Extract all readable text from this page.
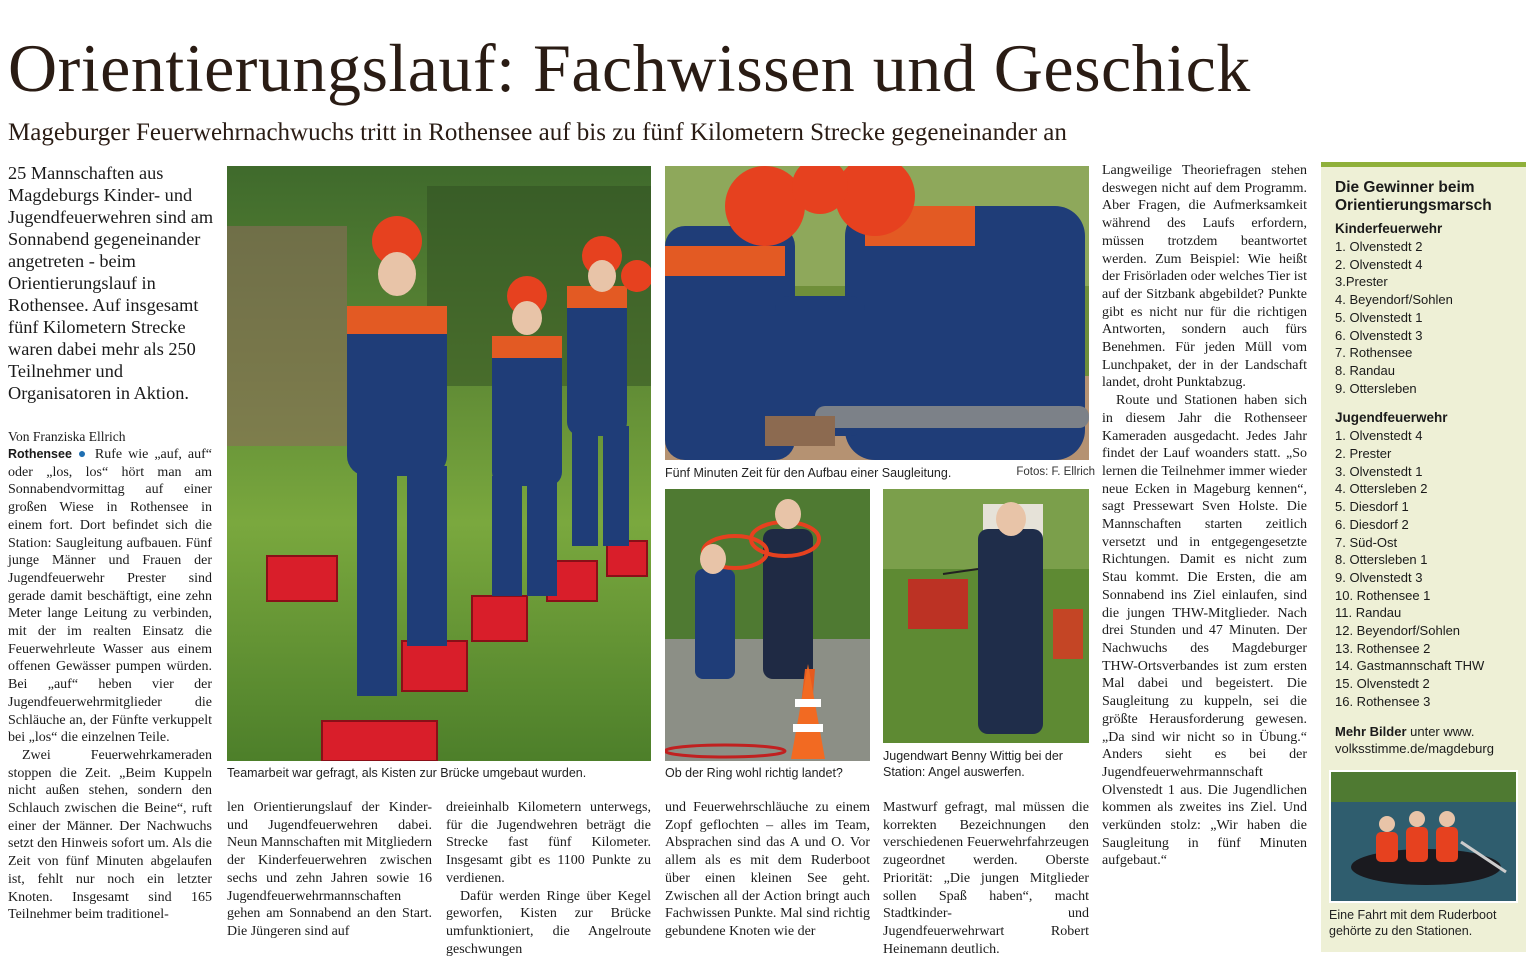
Orientierungslauf: Fachwissen und Geschick
Mageburger Feuerwehrnachwuchs tritt in Rothensee auf bis zu fünf Kilometern Strecke gegeneinander an
25 Mannschaften aus Magdeburgs Kinder- und Jugendfeuerwehren sind am Sonnabend gegeneinander angetreten - beim Orientierungslauf in Rothensee. Auf insgesamt fünf Kilometern Strecke waren dabei mehr als 250 Teilnehmer und Organisatoren in Aktion.
Von Franziska Ellrich

Rothensee ● Rufe wie „auf, auf“ oder „los, los“ hört man am Sonnabendvormittag auf einer großen Wiese in Rothensee in einem fort. Dort befindet sich die Station: Saugleitung aufbauen. Fünf junge Männer und Frauen der Jugendfeuerwehr Prester sind gerade damit beschäftigt, eine zehn Meter lange Leitung zu verbinden, mit der im realten Einsatz die Feuerwehrleute Wasser aus einem offenen Gewässer pumpen würden. Bei „auf“ heben vier der Jugendfeuerwehrmitglieder die Schläuche an, der Fünfte verkuppelt bei „los“ die einzelnen Teile.

Zwei Feuerwehrkameraden stoppen die Zeit. „Beim Kuppeln nicht außen stehen, sondern den Schlauch zwischen die Beine“, ruft einer der Männer. Der Nachwuchs setzt den Hinweis sofort um. Als die Zeit von fünf Minuten abgelaufen ist, fehlt nur noch ein letzter Knoten. Insgesamt sind 165 Teilnehmer beim traditionel-

Teamarbeit war gefragt, als Kisten zur Brücke umgebaut wurden.

len Orientierungslauf der Kinder- und Jugendfeuerwehren dabei. Neun Mannschaften mit Mitgliedern der Kinderfeuerwehren zwischen sechs und zehn Jahren sowie 16 Jugendfeuerwehrmannschaften gehen am Sonnabend an den Start. Die Jüngeren sind auf

dreieinhalb Kilometern unterwegs, für die Jugendwehren beträgt die Strecke fast fünf Kilometer. Insgesamt gibt es 1100 Punkte zu verdienen.

Dafür werden Ringe über Kegel geworfen, Kisten zur Brücke umfunktioniert, die Angelroute geschwungen

Fünf Minuten Zeit für den Aufbau einer Saugleitung.	Fotos: F. Ellrich
Ob der Ring wohl richtig landet?
Jugendwart Benny Wittig bei der Station: Angel auswerfen.

und Feuerwehrschläuche zu einem Zopf geflochten – alles im Team, Absprachen sind das A und O. Vor allem als es mit dem Ruderboot über einen kleinen See geht. Zwischen all der Action bringt auch Fachwissen Punkte. Mal sind richtig gebundene Knoten wie der

Mastwurf gefragt, mal müssen die korrekten Bezeichnungen den verschiedenen Feuerwehrfahrzeugen zugeordnet werden. Oberste Priorität: „Die jungen Mitglieder sollen Spaß haben“, macht Stadtkinder- und Jugendfeuerwehrwart Robert Heinemann deutlich.

Langweilige Theoriefragen stehen deswegen nicht auf dem Programm. Aber Fragen, die Aufmerksamkeit während des Laufs erfordern, müssen trotzdem beantwortet werden. Zum Beispiel: Wie heißt der Frisörladen oder welches Tier ist auf der Sitzbank abgebildet? Punkte gibt es nicht nur für die richtigen Antworten, sondern auch fürs Benehmen. Für jeden Müll vom Lunchpaket, der in der Landschaft landet, droht Punktabzug.

Route und Stationen haben sich in diesem Jahr die Rothenseer Kameraden ausgedacht. Jedes Jahr findet der Lauf woanders statt. „So lernen die Teilnehmer immer wieder neue Ecken in Mageburg kennen“, sagt Pressewart Sven Holste. Die Mannschaften starten zeitlich versetzt und in entgegengesetzte Richtungen. Damit es nicht zum Stau kommt. Die Ersten, die am Sonnabend ins Ziel einlaufen, sind die jungen THW-Mitglieder. Nach drei Stunden und 47 Minuten. Der Nachwuchs des Magdeburger THW-Ortsverbandes ist zum ersten Mal dabei und begeistert. Die Saugleitung zu kuppeln, sei die größte Herausforderung gewesen. „Da sind wir nicht so in Übung.“ Anders sieht es bei der Jugendfeuerwehrmannschaft Olvenstedt 1 aus. Die Jugendlichen kommen als zweites ins Ziel. Und verkünden stolz: „Wir haben die Saugleitung in fünf Minuten aufgebaut.“

Die Gewinner beim Orientierungsmarsch
Kinderfeuerwehr
1. Olvenstedt 2
2. Olvenstedt 4
3.Prester
4. Beyendorf/Sohlen
5. Olvenstedt 1
6. Olvenstedt 3
7. Rothensee
8. Randau
9. Ottersleben
Jugendfeuerwehr
1. Olvenstedt 4
2. Prester
3. Olvenstedt 1
4. Ottersleben 2
5. Diesdorf 1
6. Diesdorf 2
7. Süd-Ost
8. Ottersleben 1
9. Olvenstedt 3
10. Rothensee 1
11. Randau
12. Beyendorf/Sohlen
13. Rothensee 2
14. Gastmannschaft THW
15. Olvenstedt 2
16. Rothensee 3
Mehr Bilder unter www.
volksstimme.de/magdeburg
Eine Fahrt mit dem Ruderboot gehörte zu den Stationen.
